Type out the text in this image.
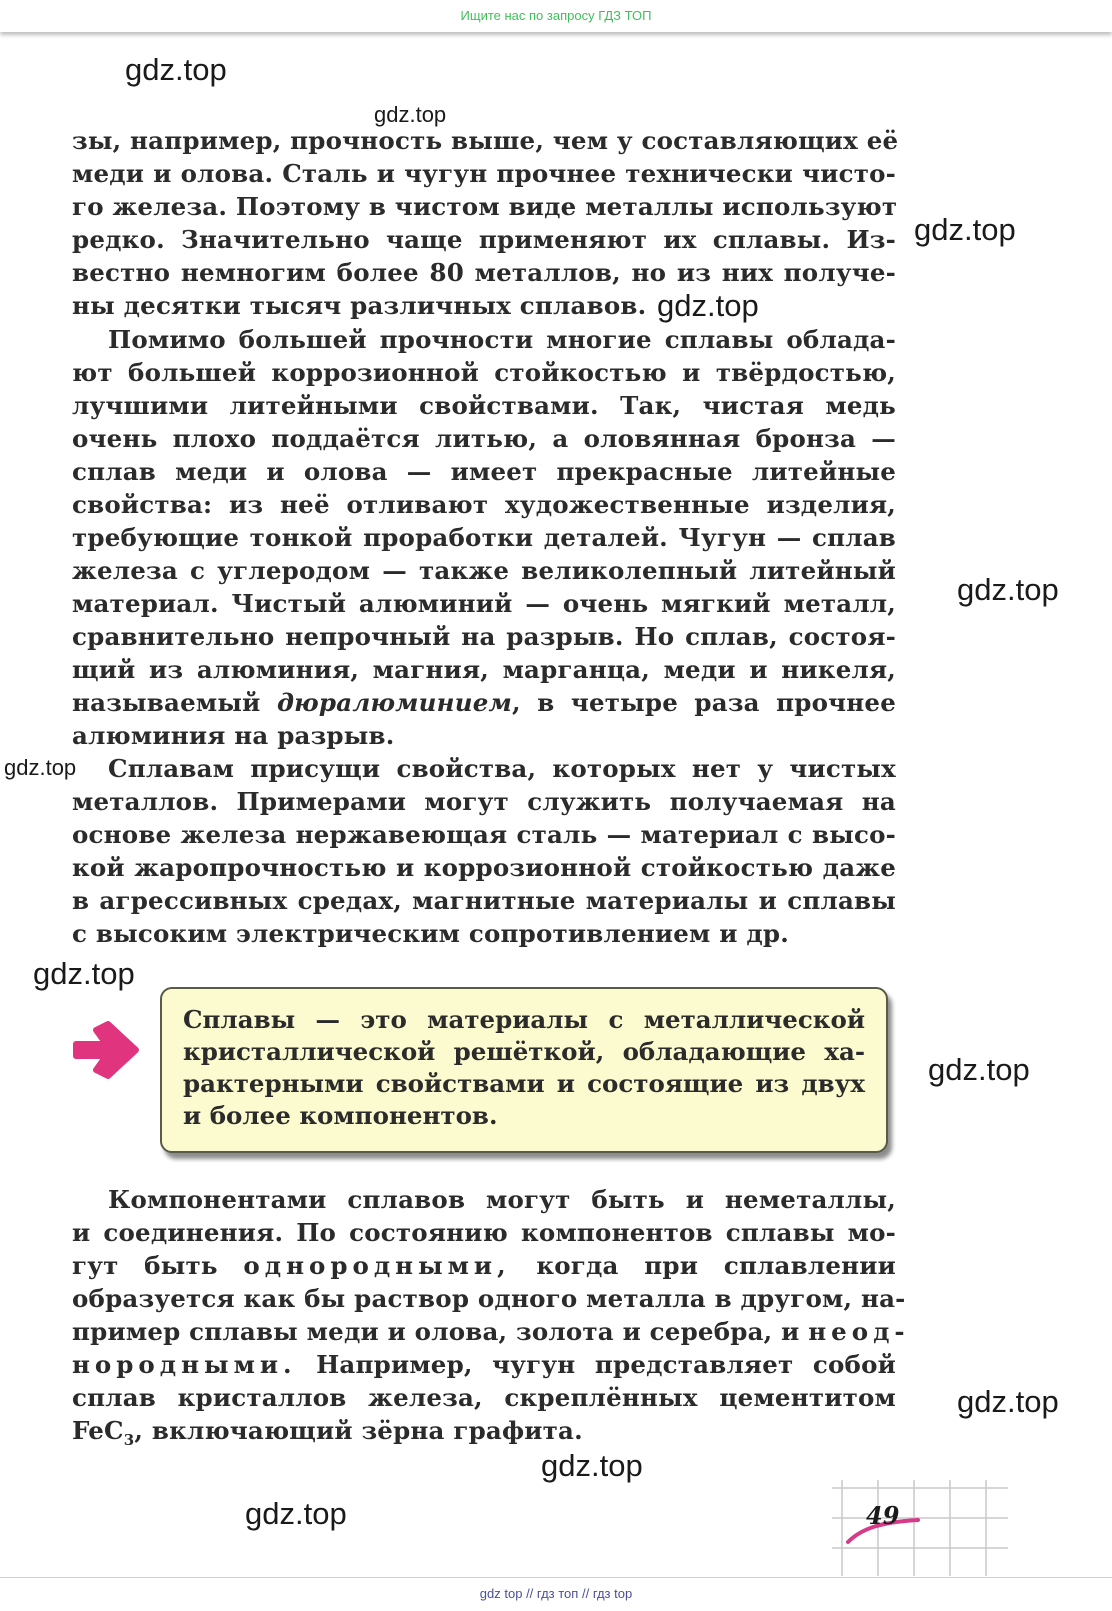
Ищите нас по запросу ГДЗ ТОП
gdz.top
gdz.top
gdz.top
gdz.top
gdz.top
gdz.top
gdz.top
gdz.top
gdz.top
gdz.top
gdz.top
зы, например, прочность выше, чем у составляющих её
меди и олова. Сталь и чугун прочнее технически чисто-
го железа. Поэтому в чистом виде металлы используют
редко. Значительно чаще применяют их сплавы. Из-
вестно немногим более 80 металлов, но из них получе-
ны десятки тысяч различных сплавов.
Помимо большей прочности многие сплавы облада-
ют большей коррозионной стойкостью и твёрдостью,
лучшими литейными свойствами. Так, чистая медь
очень плохо поддаётся литью, а оловянная бронза —
сплав меди и олова — имеет прекрасные литейные
свойства: из неё отливают художественные изделия,
требующие тонкой проработки деталей. Чугун — сплав
железа с углеродом — также великолепный литейный
материал. Чистый алюминий — очень мягкий металл,
сравнительно непрочный на разрыв. Но сплав, состоя-
щий из алюминия, магния, марганца, меди и никеля,
называемый дюралюминием, в четыре раза прочнее
алюминия на разрыв.
Сплавам присущи свойства, которых нет у чистых
металлов. Примерами могут служить получаемая на
основе железа нержавеющая сталь — материал с высо-
кой жаропрочностью и коррозионной стойкостью даже
в агрессивных средах, магнитные материалы и сплавы
с высоким электрическим сопротивлением и др.
Сплавы — это материалы с металлической
кристаллической решёткой, обладающие ха-
рактерными свойствами и состоящие из двух
и более компонентов.
Компонентами сплавов могут быть и неметаллы,
и соединения. По состоянию компонентов сплавы мо-
гут быть однородными, когда при сплавлении
образуется как бы раствор одного металла в другом, на-
пример сплавы меди и олова, золота и серебра, и неод-
нородными. Например, чугун представляет собой
сплав кристаллов железа, скреплённых цементитом
FeC$_3$, включающий зёрна графита.
49
gdz top // гдз топ // гдз top
